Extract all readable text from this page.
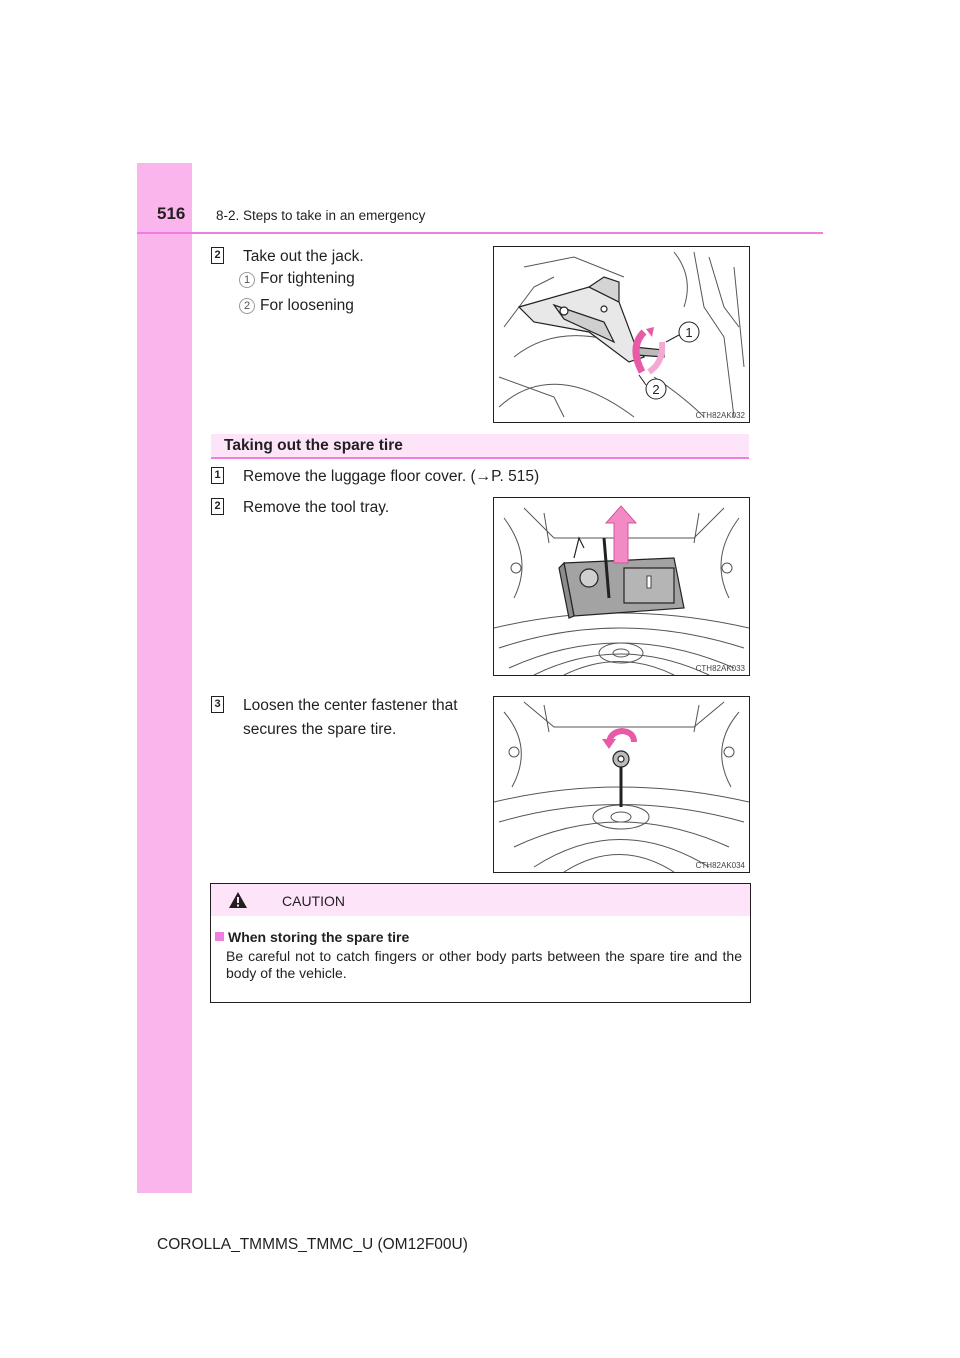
516 8-2. Steps to take in an emergency
2 Take out the jack.
1 For tightening
2 For loosening
1
2
CTH82AK032
Taking out the spare tire
1 Remove the luggage floor cover. (→P. 515)
2 Remove the tool tray.
CTH82AK033
3 Loosen the center fastener that
secures the spare tire.
CTH82AK034
CAUTION
When storing the spare tire
Be careful not to catch fingers or other body parts between the spare tire and the body of the vehicle.
COROLLA_TMMMS_TMMC_U (OM12F00U)
